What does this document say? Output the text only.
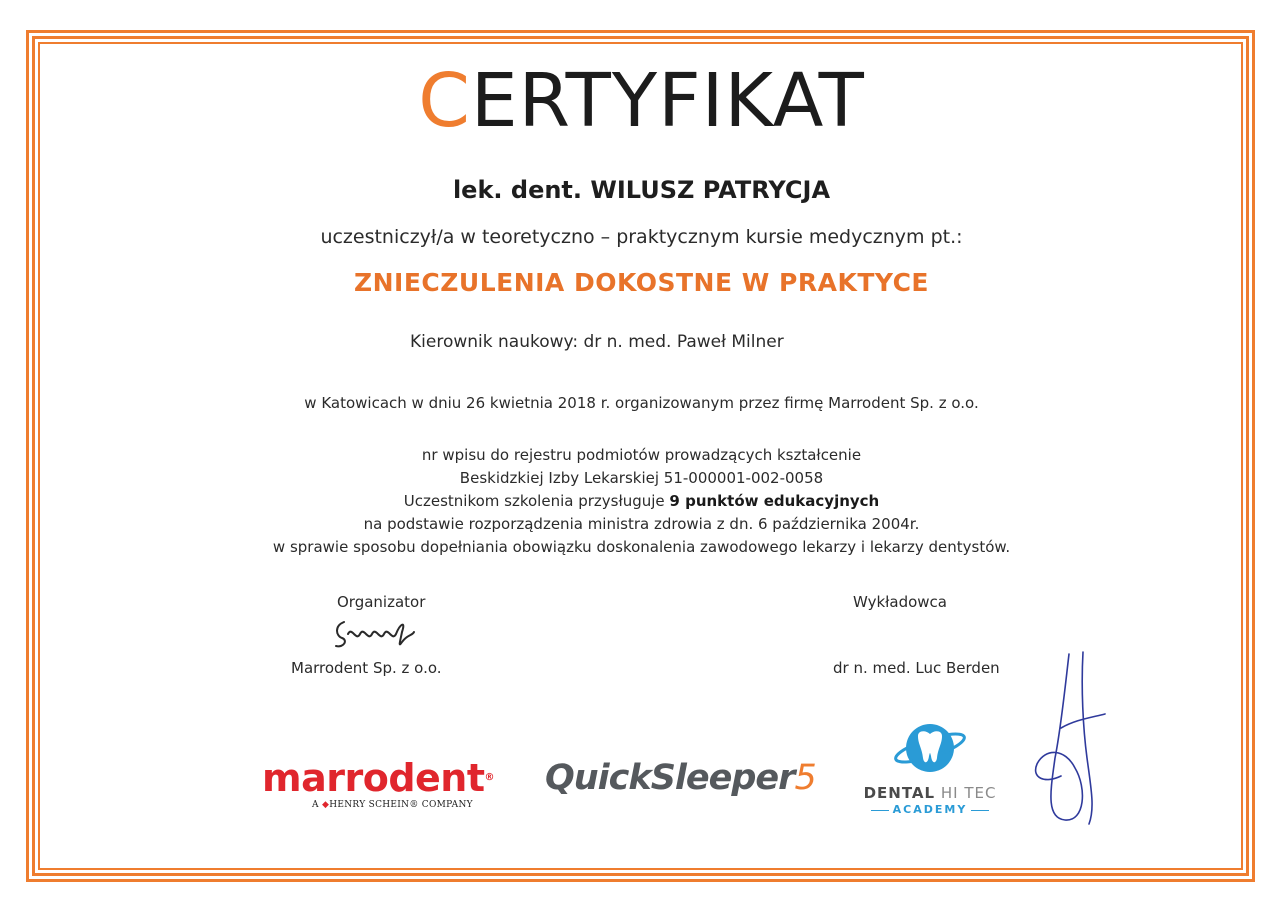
CERTYFIKAT
lek. dent. WILUSZ PATRYCJA
uczestniczył/a w teoretyczno – praktycznym kursie medycznym pt.:
ZNIECZULENIA DOKOSTNE W PRAKTYCE
Kierownik naukowy: dr n. med. Paweł Milner
w Katowicach w dniu 26 kwietnia 2018 r. organizowanym przez firmę Marrodent Sp. z o.o.
nr wpisu do rejestru podmiotów prowadzących kształcenie
Beskidzkiej Izby Lekarskiej 51-000001-002-0058
Uczestnikom szkolenia przysługuje 9 punktów edukacyjnych
na podstawie rozporządzenia ministra zdrowia z dn. 6 października 2004r.
w sprawie sposobu dopełniania obowiązku doskonalenia zawodowego lekarzy i lekarzy dentystów.
Organizator
Marrodent Sp. z o.o.
Wykładowca
dr n. med. Luc Berden
marrodent®
A ◆HENRY SCHEIN® COMPANY
QuickSleeper5	DENTAL HI TEC
ACADEMY
